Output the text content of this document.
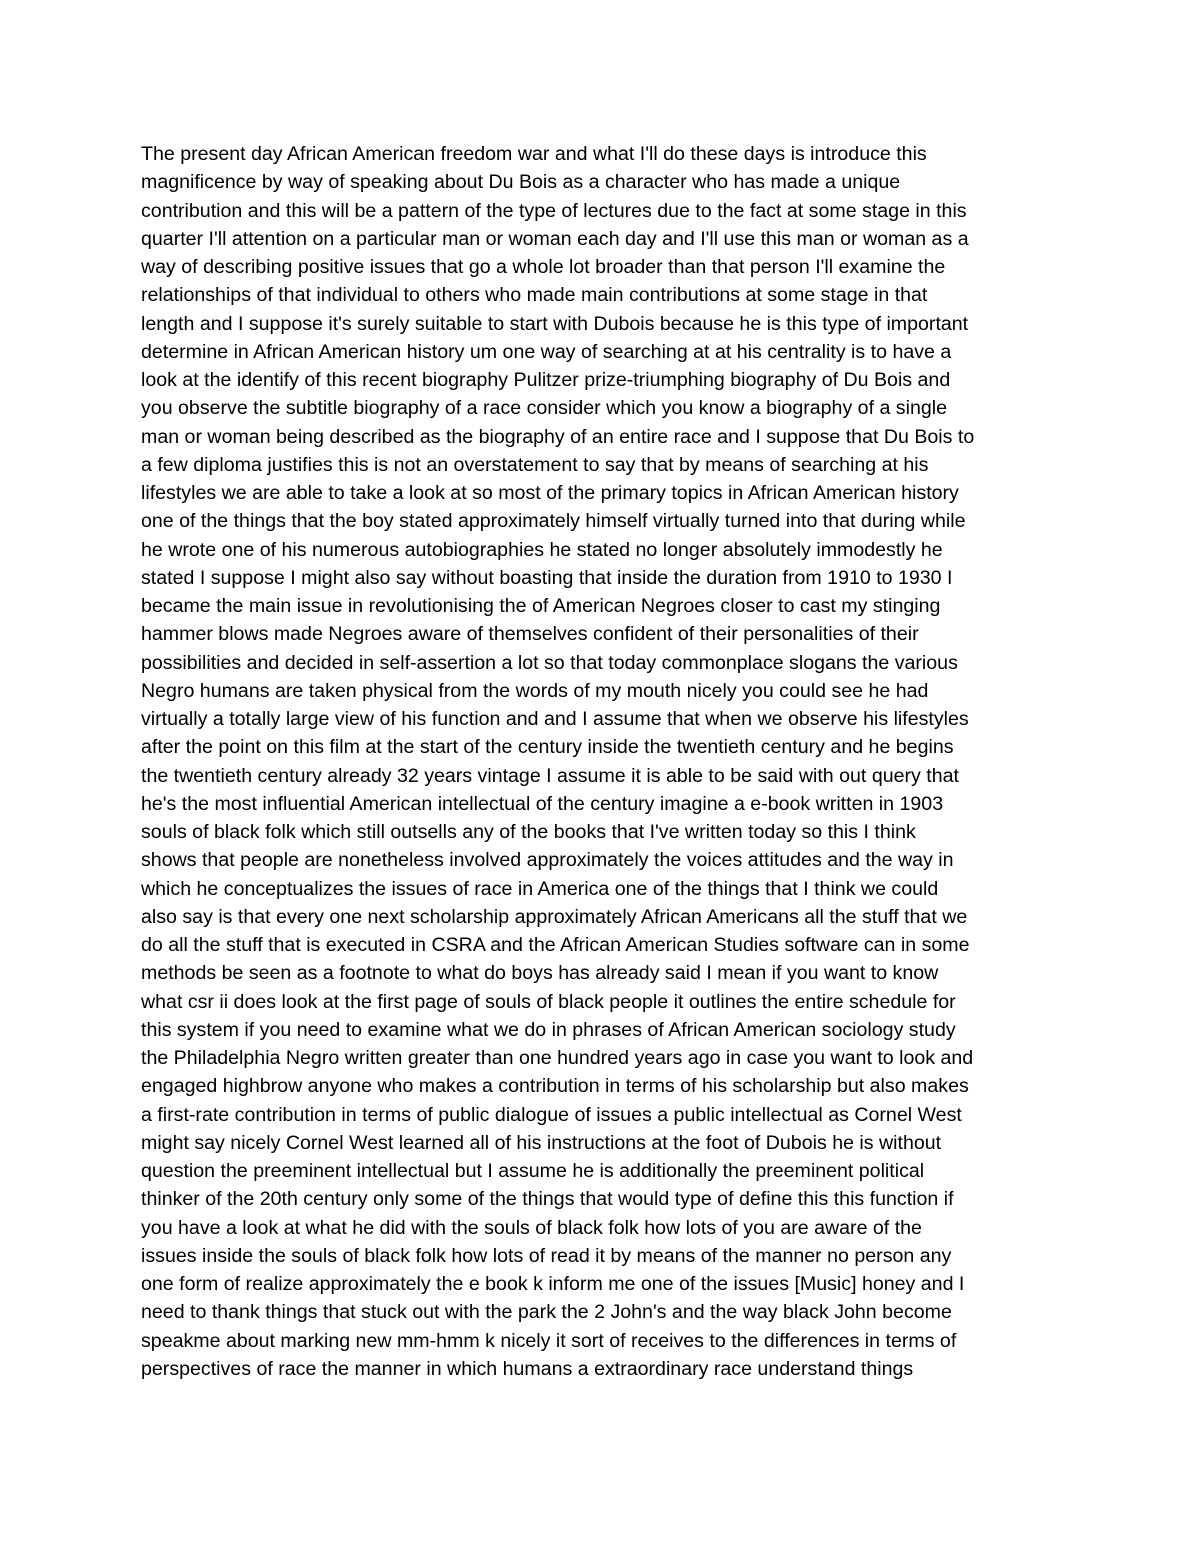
The present day African American freedom war and what I'll do these days is introduce this
magnificence by way of speaking about Du Bois as a character who has made a unique
contribution and this will be a pattern of the type of lectures due to the fact at some stage in this
quarter I'll attention on a particular man or woman each day and I'll use this man or woman as a
way of describing positive issues that go a whole lot broader than that person I'll examine the
relationships of that individual to others who made main contributions at some stage in that
length and I suppose it's surely suitable to start with Dubois because he is this type of important
determine in African American history um one way of searching at at his centrality is to have a
look at the identify of this recent biography Pulitzer prize-triumphing biography of Du Bois and
you observe the subtitle biography of a race consider which you know a biography of a single
man or woman being described as the biography of an entire race and I suppose that Du Bois to
a few diploma justifies this is not an overstatement to say that by means of searching at his
lifestyles we are able to take a look at so most of the primary topics in African American history
one of the things that the boy stated approximately himself virtually turned into that during while
he wrote one of his numerous autobiographies he stated no longer absolutely immodestly he
stated I suppose I might also say without boasting that inside the duration from 1910 to 1930 I
became the main issue in revolutionising the of American Negroes closer to cast my stinging
hammer blows made Negroes aware of themselves confident of their personalities of their
possibilities and decided in self-assertion a lot so that today commonplace slogans the various
Negro humans are taken physical from the words of my mouth nicely you could see he had
virtually a totally large view of his function and and I assume that when we observe his lifestyles
after the point on this film at the start of the century inside the twentieth century and he begins
the twentieth century already 32 years vintage I assume it is able to be said with out query that
he's the most influential American intellectual of the century imagine a e-book written in 1903
souls of black folk which still outsells any of the books that I've written today so this I think
shows that people are nonetheless involved approximately the voices attitudes and the way in
which he conceptualizes the issues of race in America one of the things that I think we could
also say is that every one next scholarship approximately African Americans all the stuff that we
do all the stuff that is executed in CSRA and the African American Studies software can in some
methods be seen as a footnote to what do boys has already said I mean if you want to know
what csr ii does look at the first page of souls of black people it outlines the entire schedule for
this system if you need to examine what we do in phrases of African American sociology study
the Philadelphia Negro written greater than one hundred years ago in case you want to look and
engaged highbrow anyone who makes a contribution in terms of his scholarship but also makes
a first-rate contribution in terms of public dialogue of issues a public intellectual as Cornel West
might say nicely Cornel West learned all of his instructions at the foot of Dubois he is without
question the preeminent intellectual but I assume he is additionally the preeminent political
thinker of the 20th century only some of the things that would type of define this this function if
you have a look at what he did with the souls of black folk how lots of you are aware of the
issues inside the souls of black folk how lots of read it by means of the manner no person any
one form of realize approximately the e book k inform me one of the issues [Music] honey and I
need to thank things that stuck out with the park the 2 John's and the way black John become
speakme about marking new mm-hmm k nicely it sort of receives to the differences in terms of
perspectives of race the manner in which humans a extraordinary race understand things
